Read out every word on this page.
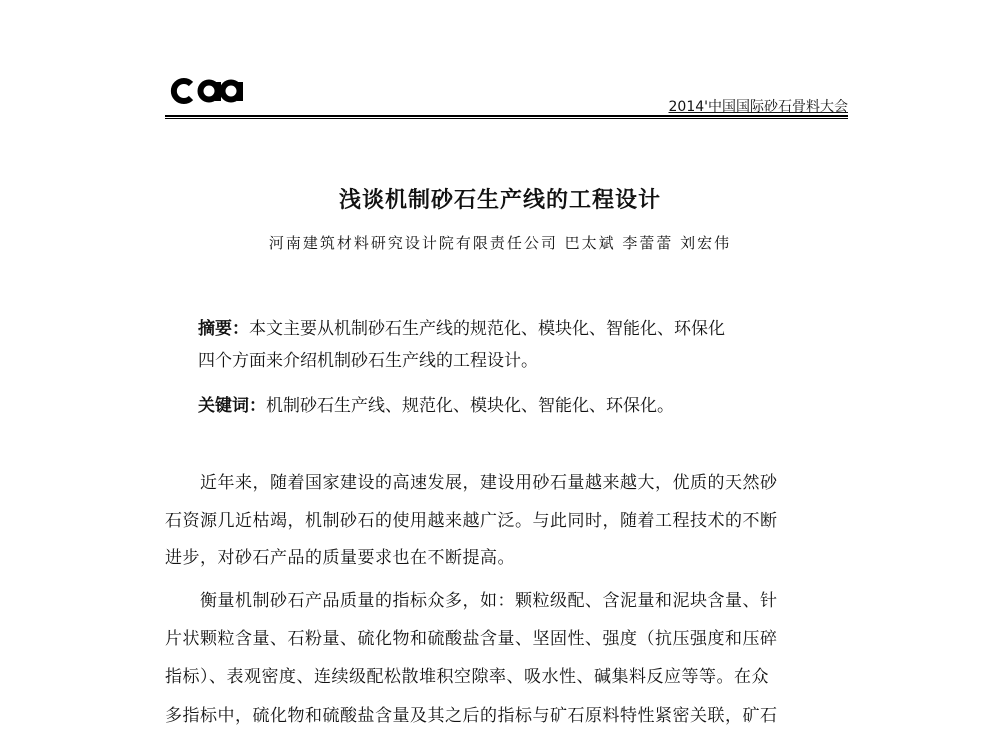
2014'中国国际砂石骨料大会
浅谈机制砂石生产线的工程设计
河南建筑材料研究设计院有限责任公司 巴太斌 李蕾蕾 刘宏伟
摘要：本文主要从机制砂石生产线的规范化、模块化、智能化、环保化
四个方面来介绍机制砂石生产线的工程设计。
关键词：机制砂石生产线、规范化、模块化、智能化、环保化。
近年来，随着国家建设的高速发展，建设用砂石量越来越大，优质的天然砂
石资源几近枯竭，机制砂石的使用越来越广泛。与此同时，随着工程技术的不断
进步，对砂石产品的质量要求也在不断提高。
衡量机制砂石产品质量的指标众多，如：颗粒级配、含泥量和泥块含量、针
片状颗粒含量、石粉量、硫化物和硫酸盐含量、坚固性、强度（抗压强度和压碎
指标）、表观密度、连续级配松散堆积空隙率、吸水性、碱集料反应等等。在众
多指标中，硫化物和硫酸盐含量及其之后的指标与矿石原料特性紧密关联，矿石
